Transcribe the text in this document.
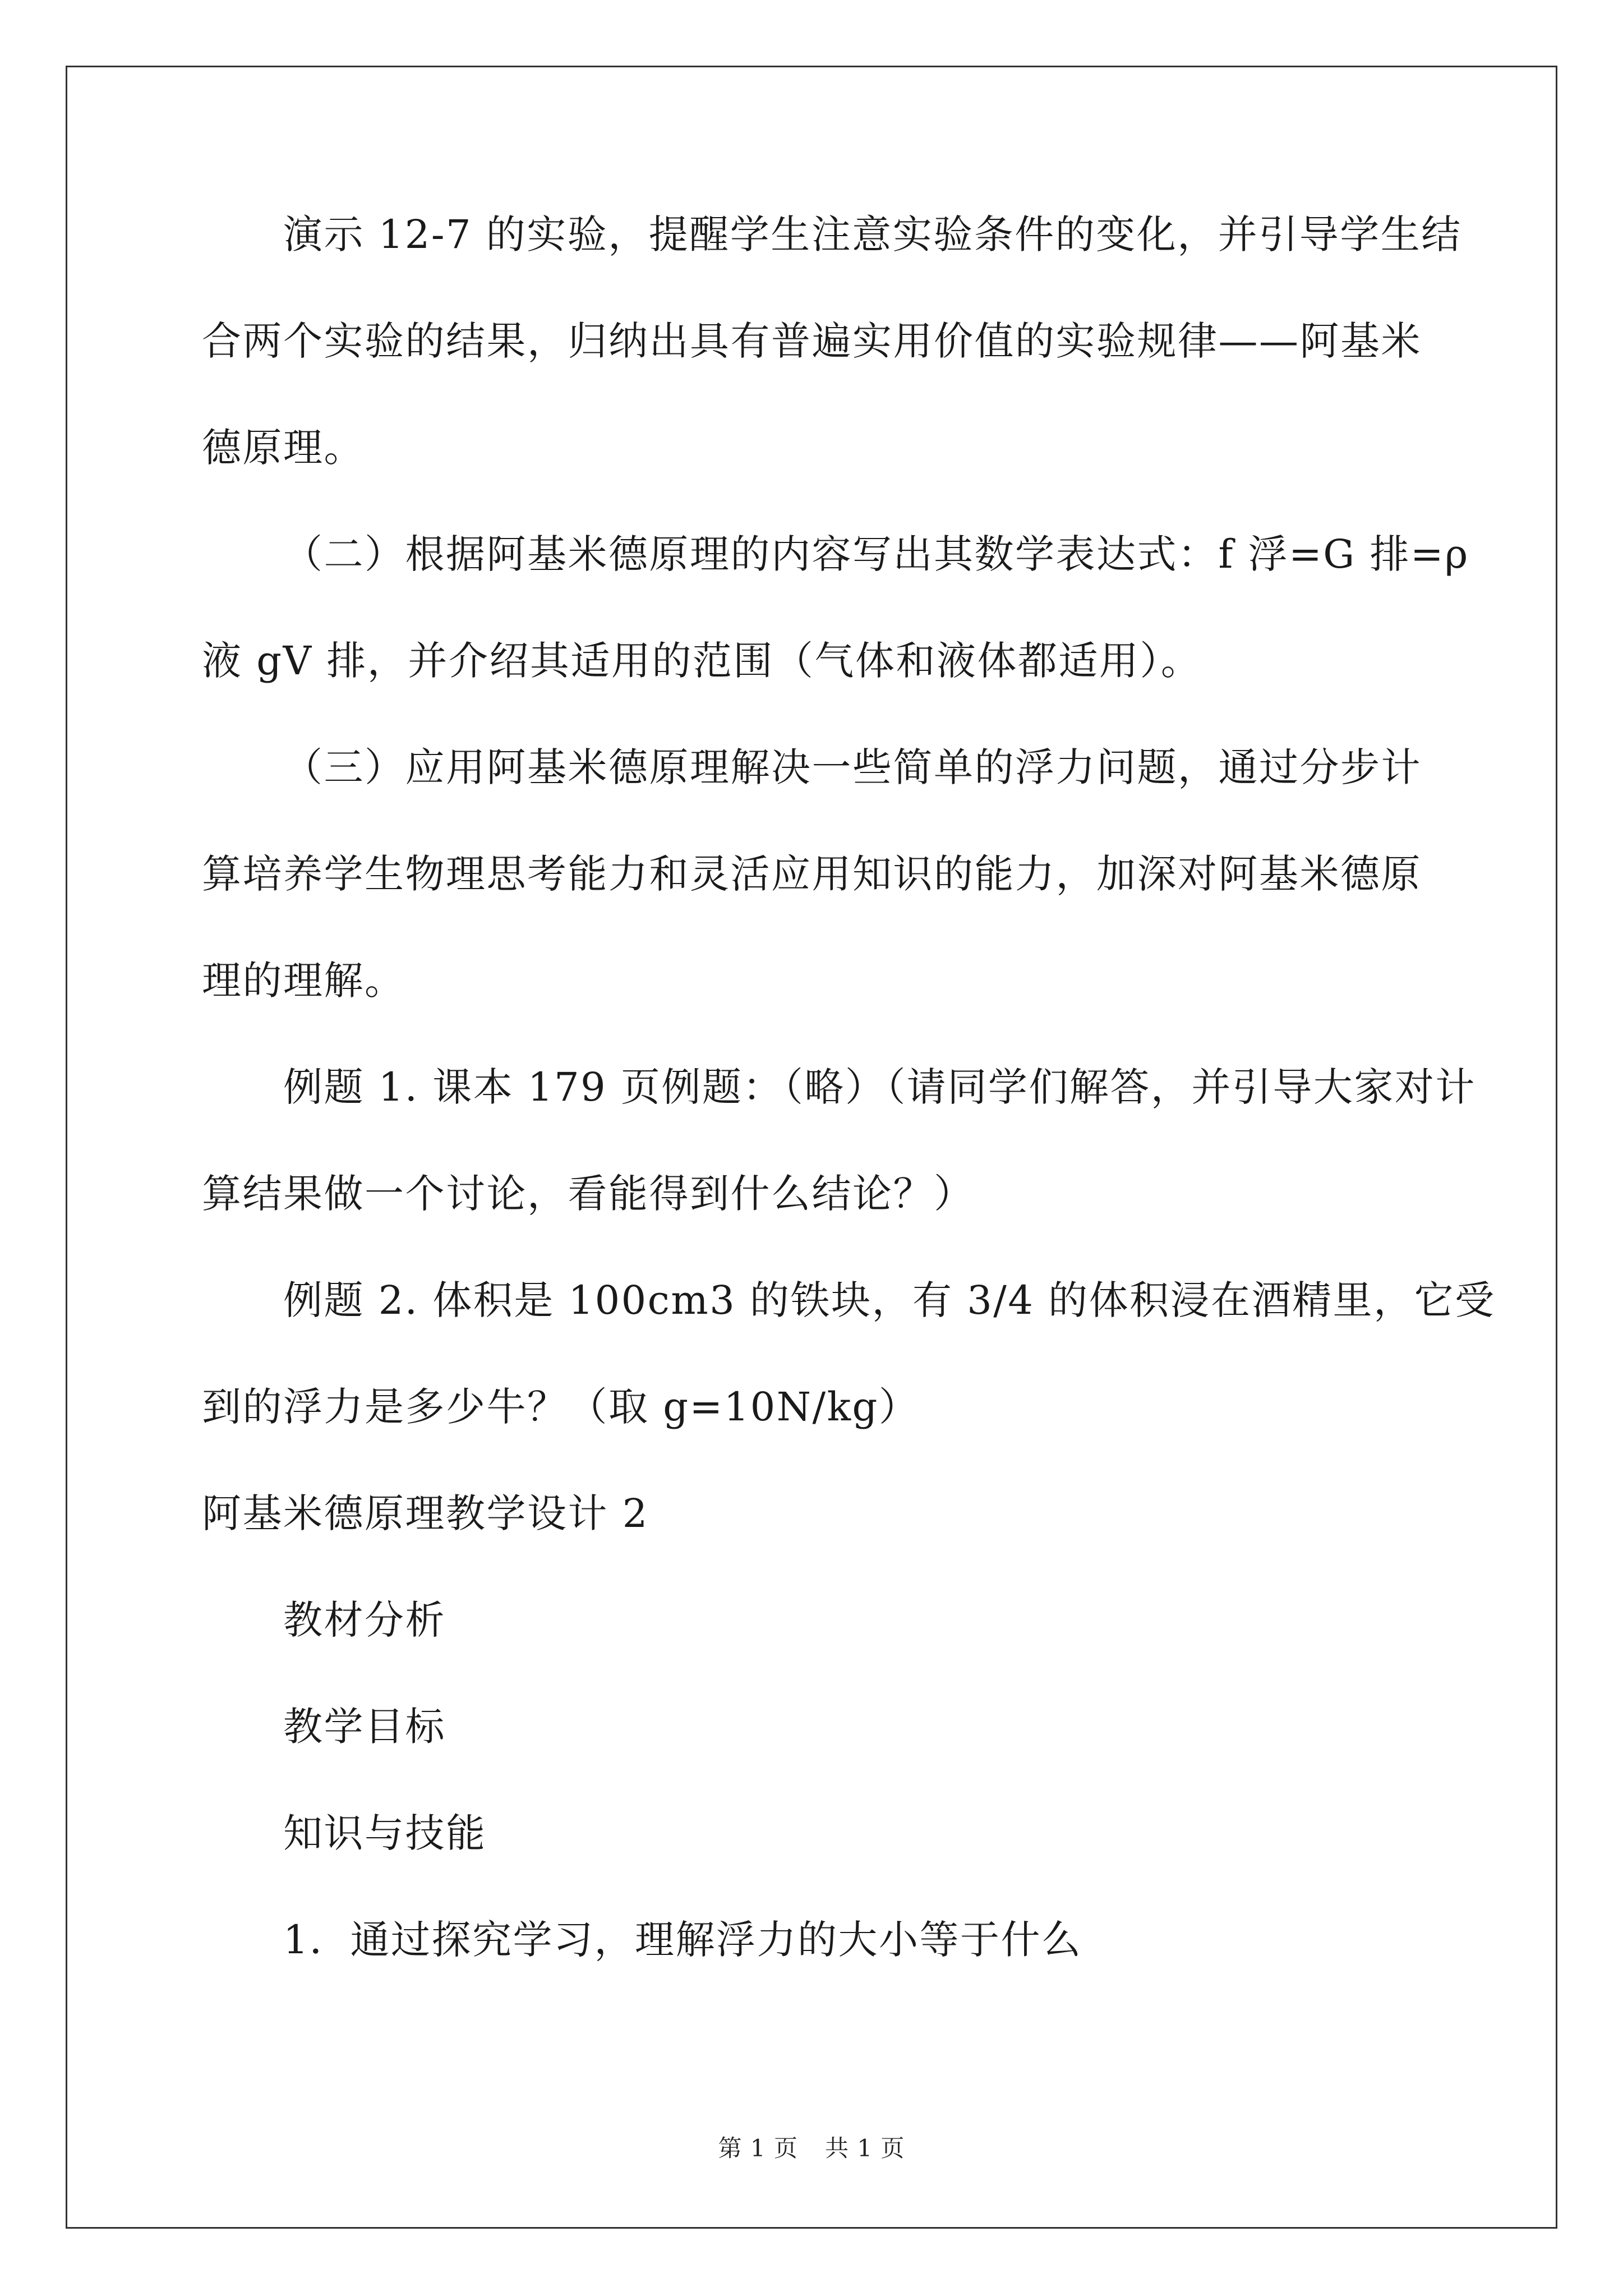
演示 12-7 的实验，提醒学生注意实验条件的变化，并引导学生结
合两个实验的结果，归纳出具有普遍实用价值的实验规律——阿基米
德原理。
（二）根据阿基米德原理的内容写出其数学表达式：f 浮=G 排=ρ
液 gV 排，并介绍其适用的范围（气体和液体都适用）。
（三）应用阿基米德原理解决一些简单的浮力问题，通过分步计
算培养学生物理思考能力和灵活应用知识的能力，加深对阿基米德原
理的理解。
例题 1. 课本 179 页例题：（略）（请同学们解答，并引导大家对计
算结果做一个讨论，看能得到什么结论？）
例题 2. 体积是 100cm3 的铁块，有 3/4 的体积浸在酒精里，它受
到的浮力是多少牛？（取 g=10N/kg）
阿基米德原理教学设计 2
教材分析
教学目标
知识与技能
1．通过探究学习，理解浮力的大小等于什么
第 1 页 共 1 页
